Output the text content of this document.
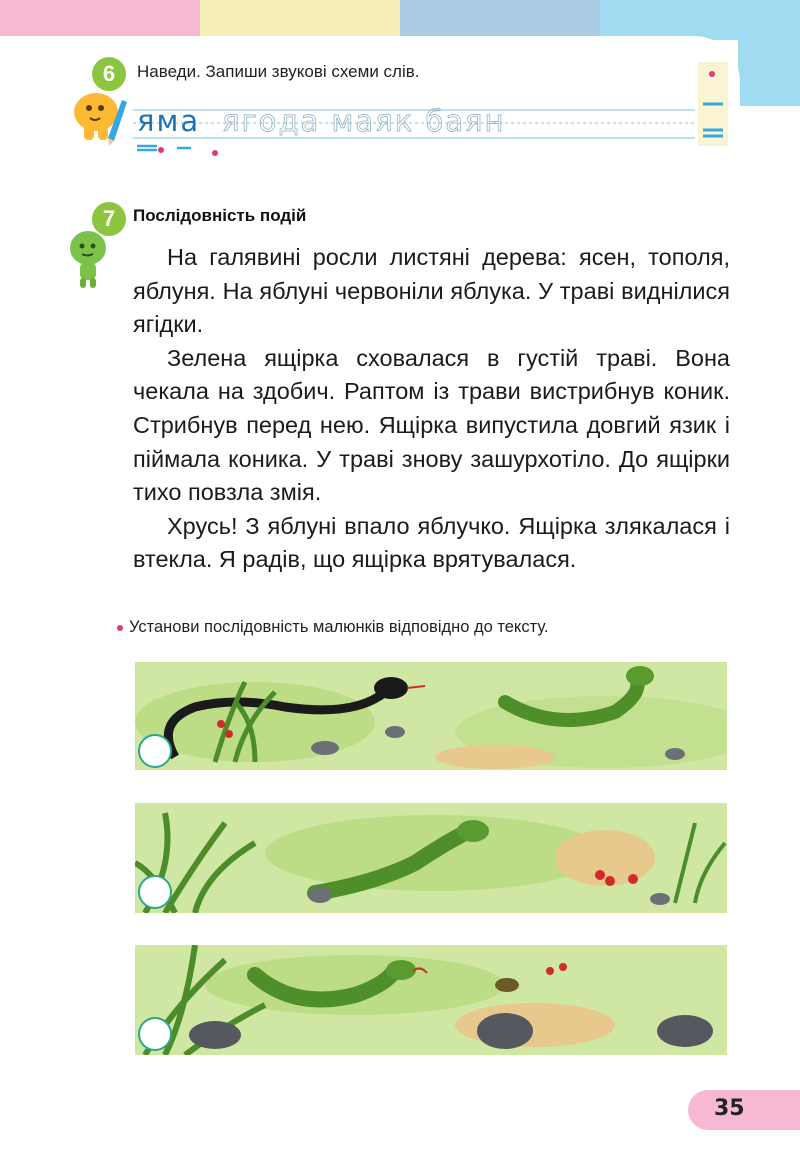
6 Наведи. Запиши звукові схеми слів.
яма ягода маяк баян
7 Послідовність подій

На галявині росли листяні дерева: ясен, тополя, яблуня. На яблуні червоніли яблука. У траві виднілися ягідки.

Зелена ящірка сховалася в густій траві. Вона чекала на здобич. Раптом із трави вистрибнув коник. Стрибнув перед нею. Ящірка випустила довгий язик і піймала коника. У траві знову зашурхотіло. До ящірки тихо повзла змія.

Хрусь! З яблуні впало яблучко. Ящірка злякалася і втекла. Я радів, що ящірка врятувалася.

Установи послідовність малюнків відповідно до тексту.
35
